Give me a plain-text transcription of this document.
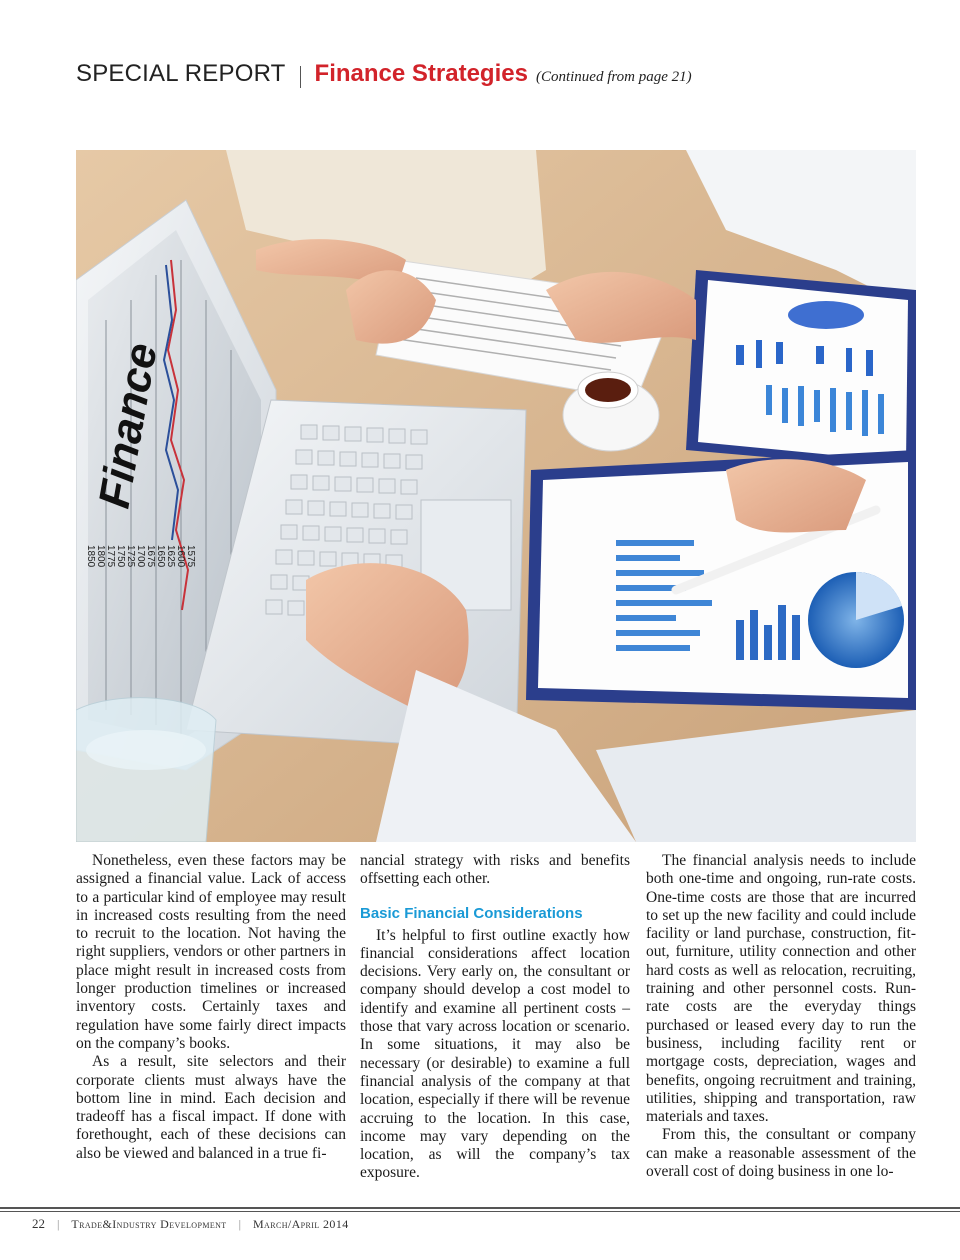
SPECIAL REPORT Finance Strategies (Continued from page 21)
Finance
1850 1800 1775 1750 1725 1700 1675 1650 1625 1600 1575

Nonetheless, even these factors may be assigned a financial value. Lack of access to a particular kind of employee may result in increased costs resulting from the need to recruit to the location. Not having the right suppliers, vendors or other partners in place might result in increased costs from longer production timelines or increased inventory costs. Certainly taxes and regulation have some fairly direct impacts on the company’s books.

As a result, site selectors and their corporate clients must always have the bottom line in mind. Each decision and tradeoff has a fiscal impact. If done with forethought, each of these decisions can also be viewed and balanced in a true fi-

nancial strategy with risks and benefits offsetting each other.

Basic Financial Considerations

It’s helpful to first outline exactly how financial considerations affect location decisions. Very early on, the consultant or company should develop a cost model to identify and examine all pertinent costs – those that vary across location or scenario. In some situations, it may also be necessary (or desirable) to examine a full financial analysis of the company at that location, especially if there will be revenue accruing to the location. In this case, income may vary depending on the location, as will the company’s tax exposure.

The financial analysis needs to include both one-time and ongoing, run-rate costs. One-time costs are those that are incurred to set up the new facility and could include facility or land purchase, construction, fit-out, furniture, utility connection and other hard costs as well as relocation, recruiting, training and other personnel costs. Run-rate costs are the everyday things purchased or leased every day to run the business, including facility rent or mortgage costs, depreciation, wages and benefits, ongoing recruitment and training, utilities, shipping and transportation, raw materials and taxes.

From this, the consultant or company can make a reasonable assessment of the overall cost of doing business in one lo-

22 | Trade&Industry Development | March/April 2014
